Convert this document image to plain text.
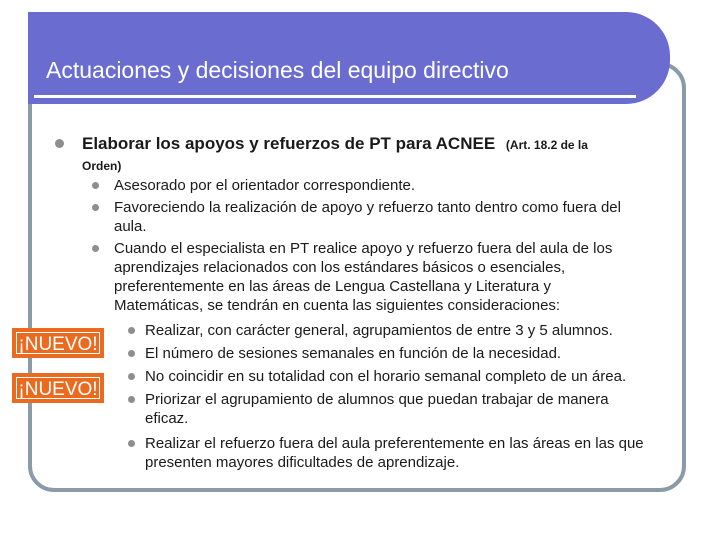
Actuaciones y decisiones del equipo directivo
Elaborar los apoyos y refuerzos de PT para ACNEE (Art. 18.2 de la
Orden)
Asesorado por el orientador correspondiente.
Favoreciendo la realización de apoyo y refuerzo tanto dentro como fuera del
aula.
Cuando el especialista en PT realice apoyo y refuerzo fuera del aula de los
aprendizajes relacionados con los estándares básicos o esenciales,
preferentemente en las áreas de Lengua Castellana y Literatura y
Matemáticas, se tendrán en cuenta las siguientes consideraciones:
Realizar, con carácter general, agrupamientos de entre 3 y 5 alumnos.
El número de sesiones semanales en función de la necesidad.
No coincidir en su totalidad con el horario semanal completo de un área.
Priorizar el agrupamiento de alumnos que puedan trabajar de manera
eficaz.
Realizar el refuerzo fuera del aula preferentemente en las áreas en las que
presenten mayores dificultades de aprendizaje.
¡NUEVO!
¡NUEVO!
